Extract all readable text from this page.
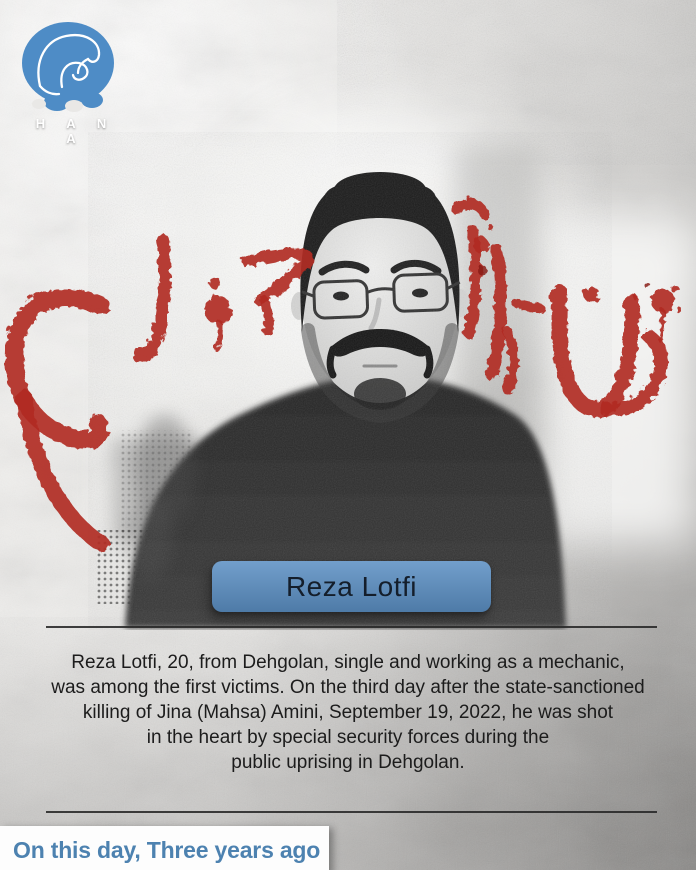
H A N A
Reza Lotfi
Reza Lotfi, 20, from Dehgolan, single and working as a mechanic,
was among the first victims. On the third day after the state-sanctioned
killing of Jina (Mahsa) Amini, September 19, 2022, he was shot
in the heart by special security forces during the
public uprising in Dehgolan.
On this day, Three years ago
